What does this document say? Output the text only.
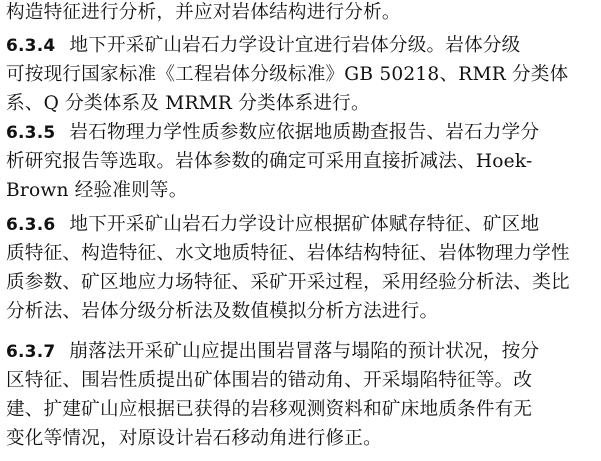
构造特征进行分析，并应对岩体结构进行分析。
6.3.4 地下开采矿山岩石力学设计宜进行岩体分级。岩体分级
可按现行国家标准《工程岩体分级标准》GB 50218、RMR 分类体
系、Q 分类体系及 MRMR 分类体系进行。
6.3.5 岩石物理力学性质参数应依据地质勘查报告、岩石力学分
析研究报告等选取。岩体参数的确定可采用直接折减法、Hoek-
Brown 经验准则等。
6.3.6 地下开采矿山岩石力学设计应根据矿体赋存特征、矿区地
质特征、构造特征、水文地质特征、岩体结构特征、岩体物理力学性
质参数、矿区地应力场特征、采矿开采过程，采用经验分析法、类比
分析法、岩体分级分析法及数值模拟分析方法进行。
6.3.7 崩落法开采矿山应提出围岩冒落与塌陷的预计状况，按分
区特征、围岩性质提出矿体围岩的错动角、开采塌陷特征等。改
建、扩建矿山应根据已获得的岩移观测资料和矿床地质条件有无
变化等情况，对原设计岩石移动角进行修正。
